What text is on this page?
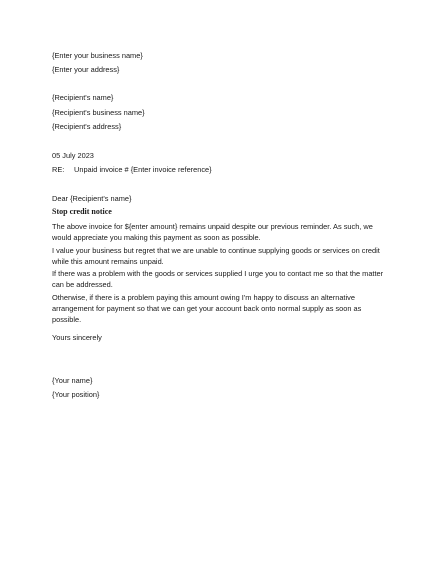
{Enter your business name}
{Enter your address}
{Recipient's name}
{Recipient's business name}
{Recipient's address}
05 July 2023
RE: Unpaid invoice # {Enter invoice reference}
Dear {Recipient's name}
Stop credit notice
The above invoice for ${enter amount} remains unpaid despite our previous reminder. As such, we would appreciate you making this payment as soon as possible.
I value your business but regret that we are unable to continue supplying goods or services on credit while this amount remains unpaid.
If there was a problem with the goods or services supplied I urge you to contact me so that the matter can be addressed.
Otherwise, if there is a problem paying this amount owing I'm happy to discuss an alternative arrangement for payment so that we can get your account back onto normal supply as soon as possible.
Yours sincerely
{Your name}
{Your position}
